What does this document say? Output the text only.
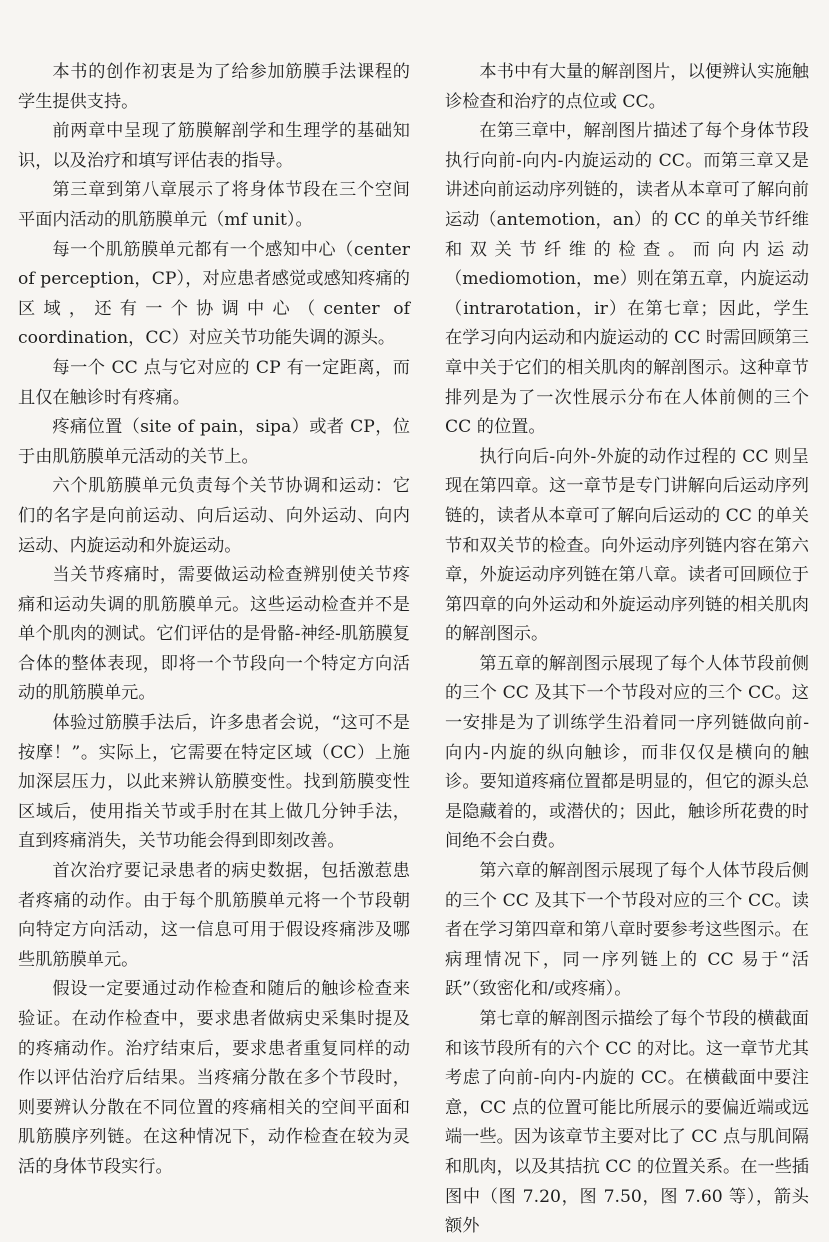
本书的创作初衷是为了给参加筋膜手法课程的学生提供支持。

前两章中呈现了筋膜解剖学和生理学的基础知识，以及治疗和填写评估表的指导。

第三章到第八章展示了将身体节段在三个空间平面内活动的肌筋膜单元（mf unit）。

每一个肌筋膜单元都有一个感知中心（center of perception，CP），对应患者感觉或感知疼痛的区域，还有一个协调中心（center of coordination，CC）对应关节功能失调的源头。

每一个 CC 点与它对应的 CP 有一定距离，而且仅在触诊时有疼痛。

疼痛位置（site of pain，sipa）或者 CP，位于由肌筋膜单元活动的关节上。

六个肌筋膜单元负责每个关节协调和运动：它们的名字是向前运动、向后运动、向外运动、向内运动、内旋运动和外旋运动。

当关节疼痛时，需要做运动检查辨别使关节疼痛和运动失调的肌筋膜单元。这些运动检查并不是单个肌肉的测试。它们评估的是骨骼-神经-肌筋膜复合体的整体表现，即将一个节段向一个特定方向活动的肌筋膜单元。

体验过筋膜手法后，许多患者会说，“这可不是按摩！”。实际上，它需要在特定区域（CC）上施加深层压力，以此来辨认筋膜变性。找到筋膜变性区域后，使用指关节或手肘在其上做几分钟手法，直到疼痛消失，关节功能会得到即刻改善。

首次治疗要记录患者的病史数据，包括激惹患者疼痛的动作。由于每个肌筋膜单元将一个节段朝向特定方向活动，这一信息可用于假设疼痛涉及哪些肌筋膜单元。

假设一定要通过动作检查和随后的触诊检查来验证。在动作检查中，要求患者做病史采集时提及的疼痛动作。治疗结束后，要求患者重复同样的动作以评估治疗后结果。当疼痛分散在多个节段时，则要辨认分散在不同位置的疼痛相关的空间平面和肌筋膜序列链。在这种情况下，动作检查在较为灵活的身体节段实行。

本书中有大量的解剖图片，以便辨认实施触诊检查和治疗的点位或 CC。

在第三章中，解剖图片描述了每个身体节段执行向前-向内-内旋运动的 CC。而第三章又是讲述向前运动序列链的，读者从本章可了解向前运动（antemotion，an）的 CC 的单关节纤维和双关节纤维的检查。而向内运动（mediomotion，me）则在第五章，内旋运动（intrarotation，ir）在第七章；因此，学生在学习向内运动和内旋运动的 CC 时需回顾第三章中关于它们的相关肌肉的解剖图示。这种章节排列是为了一次性展示分布在人体前侧的三个 CC 的位置。

执行向后-向外-外旋的动作过程的 CC 则呈现在第四章。这一章节是专门讲解向后运动序列链的，读者从本章可了解向后运动的 CC 的单关节和双关节的检查。向外运动序列链内容在第六章，外旋运动序列链在第八章。读者可回顾位于第四章的向外运动和外旋运动序列链的相关肌肉的解剖图示。

第五章的解剖图示展现了每个人体节段前侧的三个 CC 及其下一个节段对应的三个 CC。这一安排是为了训练学生沿着同一序列链做向前-向内-内旋的纵向触诊，而非仅仅是横向的触诊。要知道疼痛位置都是明显的，但它的源头总是隐藏着的，或潜伏的；因此，触诊所花费的时间绝不会白费。

第六章的解剖图示展现了每个人体节段后侧的三个 CC 及其下一个节段对应的三个 CC。读者在学习第四章和第八章时要参考这些图示。在病理情况下，同一序列链上的 CC 易于“活跃”（致密化和/或疼痛）。

第七章的解剖图示描绘了每个节段的横截面和该节段所有的六个 CC 的对比。这一章节尤其考虑了向前-向内-内旋的 CC。在横截面中要注意，CC 点的位置可能比所展示的要偏近端或远端一些。因为该章节主要对比了 CC 点与肌间隔和肌肉，以及其拮抗 CC 的位置关系。在一些插图中（图 7.20，图 7.50，图 7.60 等），箭头额外
